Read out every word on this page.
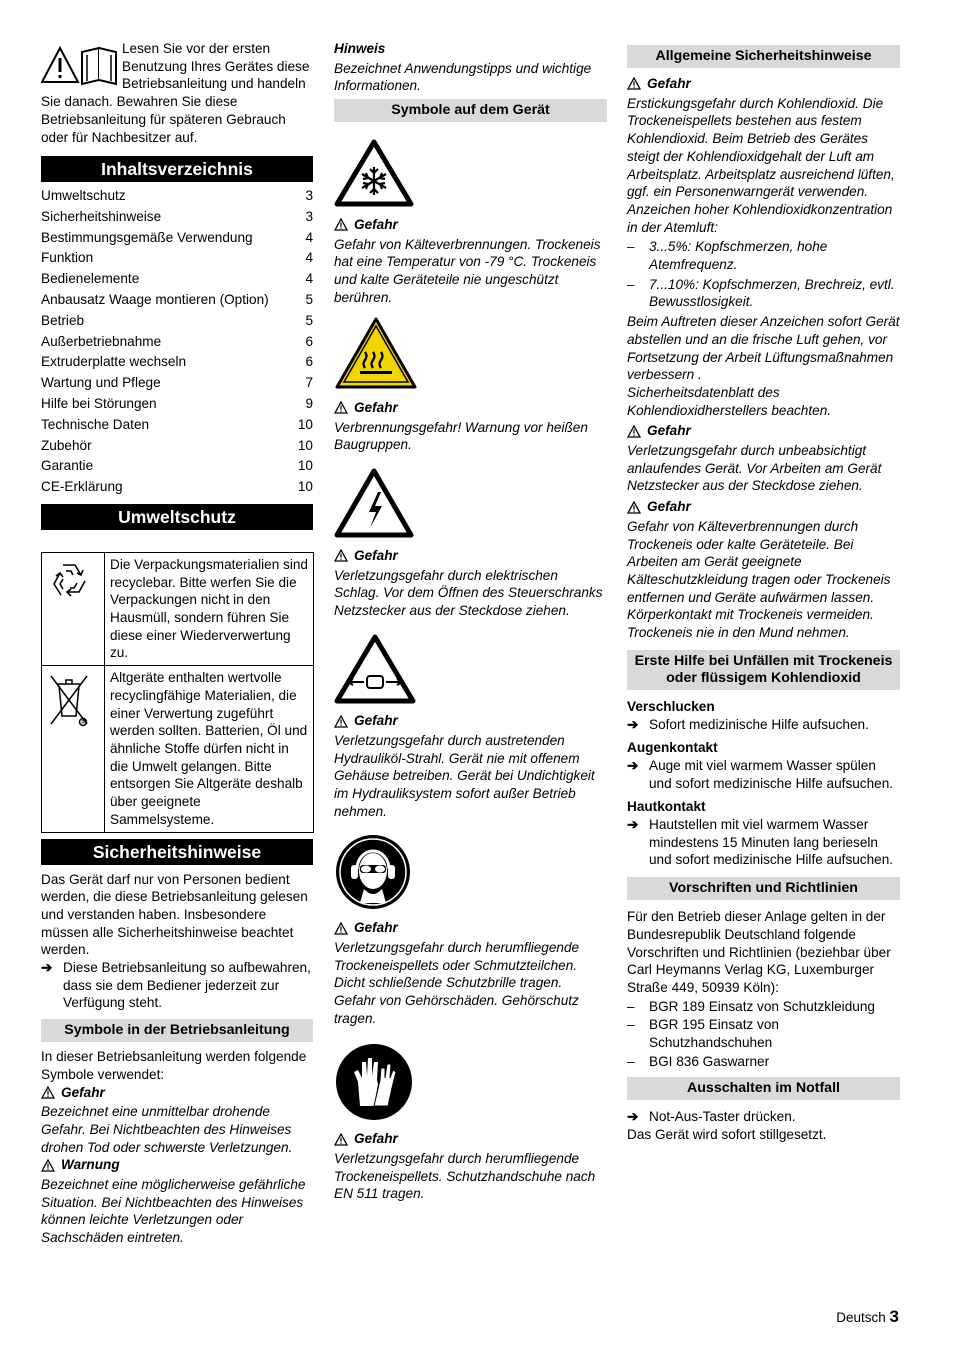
Lesen Sie vor der ersten Benutzung Ihres Gerätes diese Betriebsanleitung und handeln Sie danach. Bewahren Sie diese Betriebsanleitung für späteren Gebrauch oder für Nachbesitzer auf.

Inhaltsverzeichnis
Umweltschutz	3
Sicherheitshinweise	3
Bestimmungsgemäße Verwendung	4
Funktion	4
Bedienelemente	4
Anbausatz Waage montieren (Option)	5
Betrieb	5
Außerbetriebnahme	6
Extruderplatte wechseln	6
Wartung und Pflege	7
Hilfe bei Störungen	9
Technische Daten	10
Zubehör	10
Garantie	10
CE-Erklärung	10
Umweltschutz
	Die Verpackungsmaterialien sind recyclebar. Bitte werfen Sie die Verpackungen nicht in den Hausmüll, sondern führen Sie diese einer Wiederverwertung zu.

R	Altgeräte enthalten wertvolle recyclingfähige Materialien, die einer Verwertung zugeführt werden sollten. Batterien, Öl und ähnliche Stoffe dürfen nicht in die Umwelt gelangen. Bitte entsorgen Sie Altgeräte deshalb über geeignete Sammelsysteme.
Sicherheitshinweise

Das Gerät darf nur von Personen bedient werden, die diese Betriebsanleitung gelesen und verstanden haben. Insbesondere müssen alle Sicherheitshinweise beachtet werden.

➔ Diese Betriebsanleitung so aufbewahren, dass sie dem Bediener jederzeit zur Verfügung steht.
Symbole in der Betriebsanleitung

In dieser Betriebsanleitung werden folgende Symbole verwendet:

Gefahr

Bezeichnet eine unmittelbar drohende Gefahr. Bei Nichtbeachten des Hinweises drohen Tod oder schwerste Verletzungen.

Warnung

Bezeichnet eine möglicherweise gefährliche Situation. Bei Nichtbeachten des Hinweises können leichte Verletzungen oder Sachschäden eintreten.

Hinweis

Bezeichnet Anwendungstipps und wichtige Informationen.

Symbole auf dem Gerät
Gefahr

Gefahr von Kälteverbrennungen. Trockeneis hat eine Temperatur von -79 °C. Trockeneis und kalte Geräteteile nie ungeschützt berühren.

Gefahr

Verbrennungsgefahr! Warnung vor heißen Baugruppen.

Gefahr

Verletzungsgefahr durch elektrischen Schlag. Vor dem Öffnen des Steuerschranks Netzstecker aus der Steckdose ziehen.

Gefahr

Verletzungsgefahr durch austretenden Hydrauliköl-Strahl. Gerät nie mit offenem Gehäuse betreiben. Gerät bei Undichtigkeit im Hydrauliksystem sofort außer Betrieb nehmen.

Gefahr

Verletzungsgefahr durch herumfliegende Trockeneispellets oder Schmutzteilchen. Dicht schließende Schutzbrille tragen. Gefahr von Gehörschäden. Gehörschutz tragen.

Gefahr

Verletzungsgefahr durch herumfliegende Trockeneispellets. Schutzhandschuhe nach EN 511 tragen.

Allgemeine Sicherheitshinweise
Gefahr

Erstickungsgefahr durch Kohlendioxid. Die Trockeneispellets bestehen aus festem Kohlendioxid. Beim Betrieb des Gerätes steigt der Kohlendioxidgehalt der Luft am Arbeitsplatz. Arbeitsplatz ausreichend lüften, ggf. ein Personenwarngerät verwenden.

Anzeichen hoher Kohlendioxidkonzentration in der Atemluft:

–	3...5%: Kopfschmerzen, hohe Atemfrequenz.
–	7...10%: Kopfschmerzen, Brechreiz, evtl. Bewusstlosigkeit.

Beim Auftreten dieser Anzeichen sofort Gerät abstellen und an die frische Luft gehen, vor Fortsetzung der Arbeit Lüftungsmaßnahmen verbessern .

Sicherheitsdatenblatt des Kohlendioxidherstellers beachten.

Gefahr

Verletzungsgefahr durch unbeabsichtigt anlaufendes Gerät. Vor Arbeiten am Gerät Netzstecker aus der Steckdose ziehen.

Gefahr

Gefahr von Kälteverbrennungen durch Trockeneis oder kalte Geräteteile. Bei Arbeiten am Gerät geeignete Kälteschutzkleidung tragen oder Trockeneis entfernen und Geräte aufwärmen lassen.

Körperkontakt mit Trockeneis vermeiden.

Trockeneis nie in den Mund nehmen.

Erste Hilfe bei Unfällen mit Trockeneis oder flüssigem Kohlendioxid

Verschlucken

➔ Sofort medizinische Hilfe aufsuchen.

Augenkontakt

➔ Auge mit viel warmem Wasser spülen und sofort medizinische Hilfe aufsuchen.

Hautkontakt

➔ Hautstellen mit viel warmem Wasser mindestens 15 Minuten lang berieseln und sofort medizinische Hilfe aufsuchen.
Vorschriften und Richtlinien

Für den Betrieb dieser Anlage gelten in der Bundesrepublik Deutschland folgende Vorschriften und Richtlinien (beziehbar über Carl Heymanns Verlag KG, Luxemburger Straße 449, 50939 Köln):

–	BGR 189 Einsatz von Schutzkleidung
–	BGR 195 Einsatz von Schutzhandschuhen
–	BGI 836 Gaswarner
Ausschalten im Notfall
➔ Not-Aus-Taster drücken.

Das Gerät wird sofort stillgesetzt.

Deutsch 3
